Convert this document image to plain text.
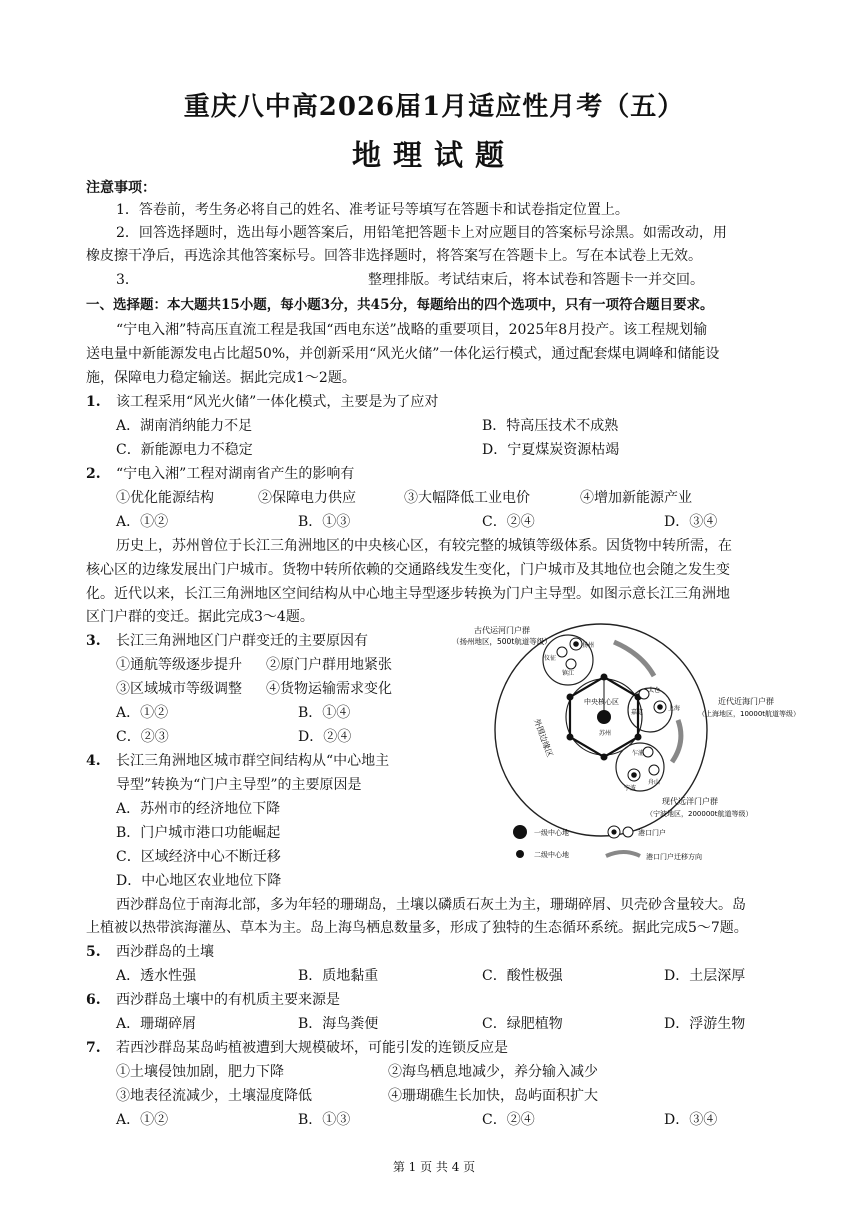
重庆八中高2026届1月适应性月考（五）
地理试题
注意事项：
1．答卷前，考生务必将自己的姓名、准考证号等填写在答题卡和试卷指定位置上。
2．回答选择题时，选出每小题答案后，用铅笔把答题卡上对应题目的答案标号涂黑。如需改动，用
橡皮擦干净后，再选涂其他答案标号。回答非选择题时，将答案写在答题卡上。写在本试卷上无效。
3．	整理排版。考试结束后，将本试卷和答题卡一并交回。
一、选择题：本大题共15小题，每小题3分，共45分，每题给出的四个选项中，只有一项符合题目要求。
“宁电入湘”特高压直流工程是我国“西电东送”战略的重要项目，2025年8月投产。该工程规划输
送电量中新能源发电占比超50%，并创新采用“风光火储”一体化运行模式，通过配套煤电调峰和储能设
施，保障电力稳定输送。据此完成1～2题。
1. 该工程采用“风光火储”一体化模式，主要是为了应对
A．湖南消纳能力不足	B．特高压技术不成熟
C．新能源电力不稳定	D．宁夏煤炭资源枯竭
2. “宁电入湘”工程对湖南省产生的影响有
①优化能源结构	②保障电力供应	③大幅降低工业电价	④增加新能源产业
A．①②	B．①③	C．②④	D．③④
历史上，苏州曾位于长江三角洲地区的中央核心区，有较完整的城镇等级体系。因货物中转所需，在
核心区的边缘发展出门户城市。货物中转所依赖的交通路线发生变化，门户城市及其地位也会随之发生变
化。近代以来，长江三角洲地区空间结构从中心地主导型逐步转换为门户主导型。如图示意长江三角洲地
区门户群的变迁。据此完成3～4题。
3. 长江三角洲地区门户群变迁的主要原因有
①通航等级逐步提升 ②原门户群用地紧张
③区域城市等级调整 ④货物运输需求变化
A．①②	B．①④
C．②③	D．②④
4. 长江三角洲地区城市群空间结构从“中心地主
导型”转换为“门户主导型”的主要原因是
A．苏州市的经济地位下降
B．门户城市港口功能崛起
C．区域经济中心不断迁移
D．中心地区农业地位下降
古代运河门户群
（扬州地区，500t航道等级）	扬州
仪征
镇江
中央核心区
苏州
太仓
嘉定
上海
乍浦
舟山
宁波
外围边缘区
近代近海门户群
（上海地区，10000t航道等级）
现代远洋门户群
（宁波地区，200000t航道等级）
一级中心地
二级中心地
港口门户
港口门户迁移方向
西沙群岛位于南海北部，多为年轻的珊瑚岛，土壤以磷质石灰土为主，珊瑚碎屑、贝壳砂含量较大。岛
上植被以热带滨海灌丛、草本为主。岛上海鸟栖息数量多，形成了独特的生态循环系统。据此完成5～7题。
5. 西沙群岛的土壤
A．透水性强	B．质地黏重	C．酸性极强	D．土层深厚
6. 西沙群岛土壤中的有机质主要来源是
A．珊瑚碎屑	B．海鸟粪便	C．绿肥植物	D．浮游生物
7. 若西沙群岛某岛屿植被遭到大规模破坏，可能引发的连锁反应是
①土壤侵蚀加剧，肥力下降	②海鸟栖息地减少，养分输入减少
③地表径流减少，土壤湿度降低	④珊瑚礁生长加快，岛屿面积扩大
A．①②	B．①③	C．②④	D．③④
第 1 页 共 4 页
